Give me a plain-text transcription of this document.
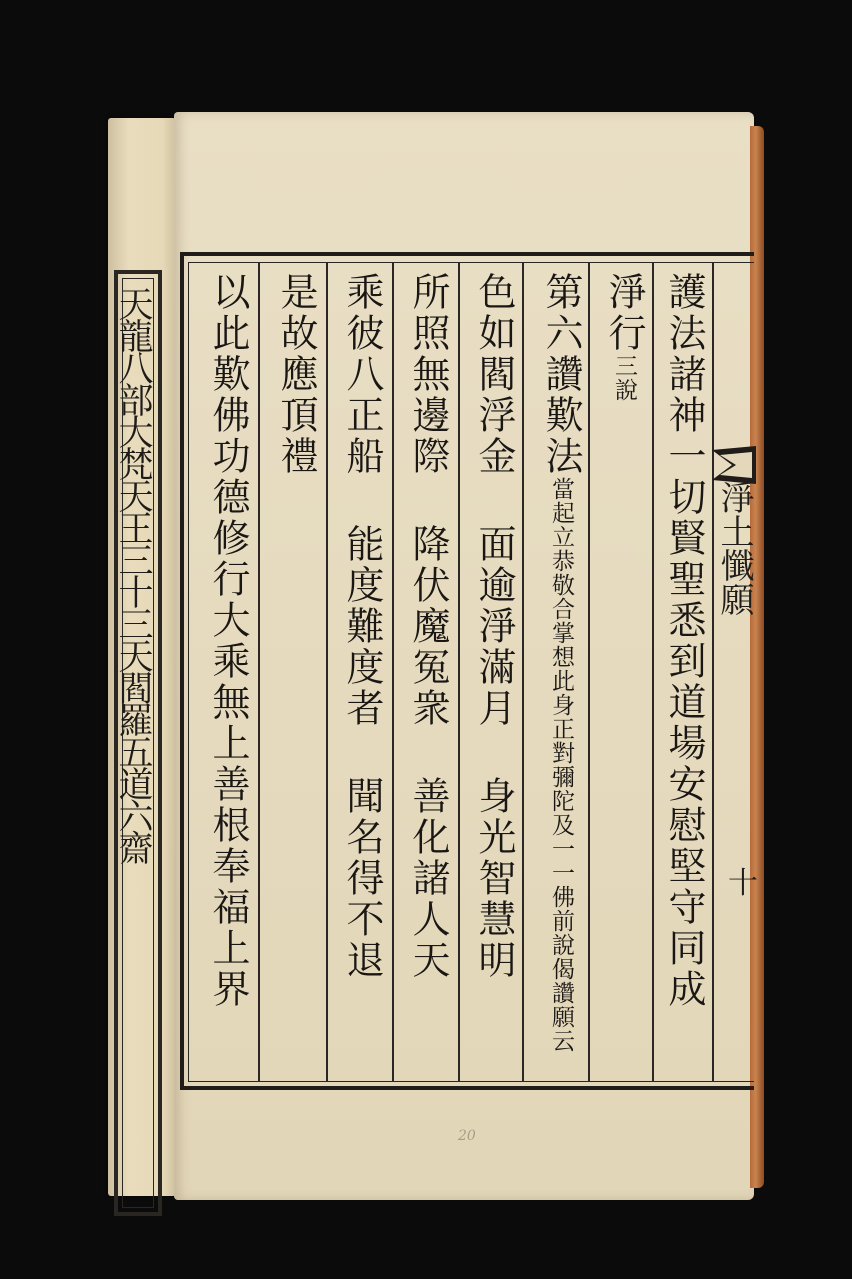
天龍八部大梵天王三十三天閻羅五道六齋	護法諸神一切賢聖悉到道場安慰堅守同成
淨行三說
第六讚歎法當起立恭敬合掌想此身正對彌陀及一一佛前說偈讚願云
色如閻浮金 面逾淨滿月 身光智慧明
所照無邊際 降伏魔冤衆 善化諸人天
乘彼八正船 能度難度者 聞名得不退
是故應頂禮
以此歎佛功德修行大乘無上善根奉福上界	淨土懺願
十
20
